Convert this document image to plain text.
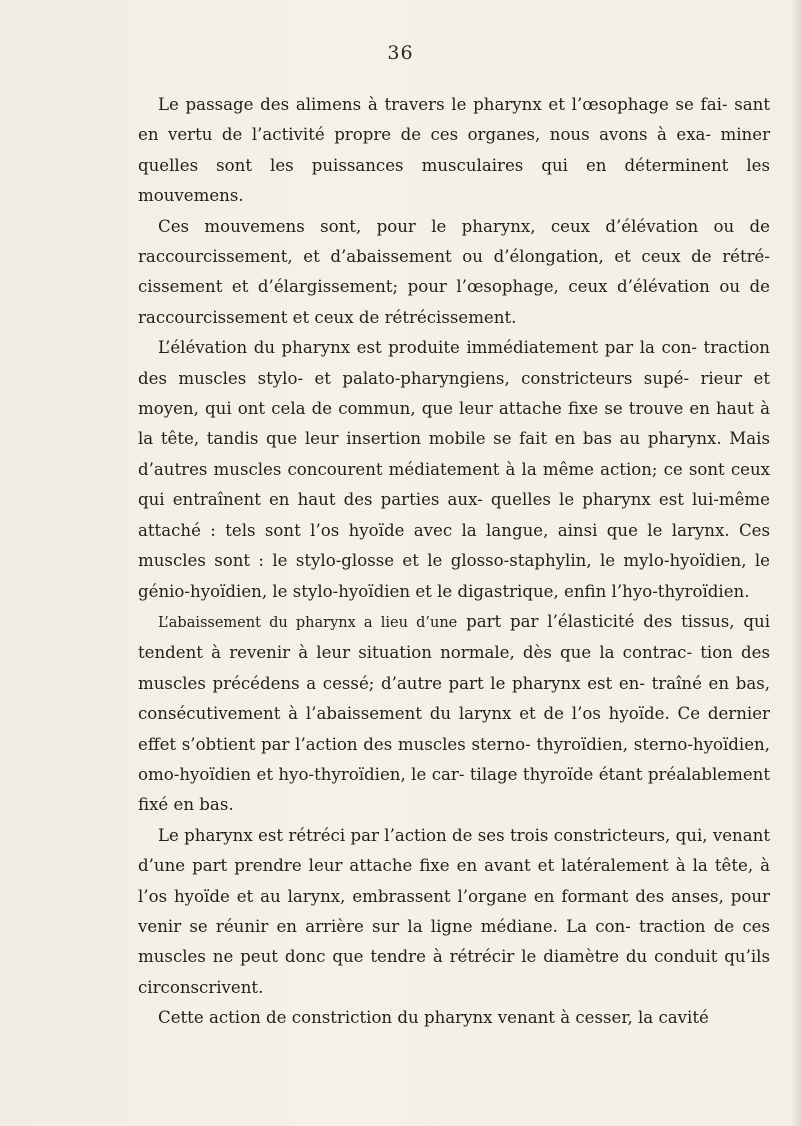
36

Le passage des alimens à travers le pharynx et l’œsophage se fai- sant en vertu de l’activité propre de ces organes, nous avons à exa- miner quelles sont les puissances musculaires qui en déterminent les mouvemens.

Ces mouvemens sont, pour le pharynx, ceux d’élévation ou de raccourcissement, et d’abaissement ou d’élongation, et ceux de rétré- cissement et d’élargissement; pour l’œsophage, ceux d’élévation ou de raccourcissement et ceux de rétrécissement.

L’élévation du pharynx est produite immédiatement par la con- traction des muscles stylo- et palato-pharyngiens, constricteurs supé- rieur et moyen, qui ont cela de commun, que leur attache fixe se trouve en haut à la tête, tandis que leur insertion mobile se fait en bas au pharynx. Mais d’autres muscles concourent médiatement à la même action; ce sont ceux qui entraînent en haut des parties aux- quelles le pharynx est lui-même attaché : tels sont l’os hyoïde avec la langue, ainsi que le larynx. Ces muscles sont : le stylo-glosse et le glosso-staphylin, le mylo-hyoïdien, le génio-hyoïdien, le stylo-hyoïdien et le digastrique, enfin l’hyo-thyroïdien.

L’abaissement du pharynx a lieu d’une part par l’élasticité des tissus, qui tendent à revenir à leur situation normale, dès que la contrac- tion des muscles précédens a cessé; d’autre part le pharynx est en- traîné en bas, consécutivement à l’abaissement du larynx et de l’os hyoïde. Ce dernier effet s’obtient par l’action des muscles sterno- thyroïdien, sterno-hyoïdien, omo-hyoïdien et hyo-thyroïdien, le car- tilage thyroïde étant préalablement fixé en bas.

Le pharynx est rétréci par l’action de ses trois constricteurs, qui, venant d’une part prendre leur attache fixe en avant et latéralement à la tête, à l’os hyoïde et au larynx, embrassent l’organe en formant des anses, pour venir se réunir en arrière sur la ligne médiane. La con- traction de ces muscles ne peut donc que tendre à rétrécir le diamètre du conduit qu’ils circonscrivent.

Cette action de constriction du pharynx venant à cesser, la cavité
